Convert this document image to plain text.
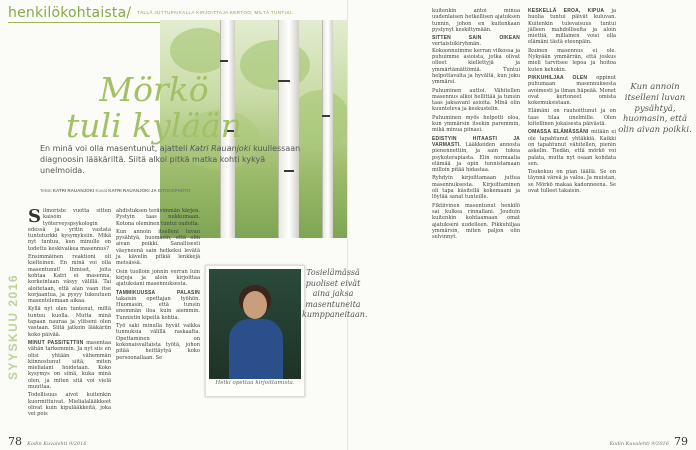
henkilökohtaista/ TÄLLÄ JUTTUPAIKALLA KIRJOITTAJA KERTOO, MILTÄ TUNTUU.
Mörkö
tuli kylään
En minä voi olla masentunut, ajatteli Katri Rauanjoki kuullessaan diagnoosin lääkäriltä. Siitä alkoi pitkä matka kohti kykyä unelmoida.
Teksti KATRI RAUANJOKI Kuvat KATRI RAUANJOKI JA ISTOCKPHOTO
SYYSKUU 2016

Silmoriste vuotta sitten kaisoin työterveyspsykologin edessä ja yritin vastata tuntuturkki kysymyksiin. Mikä nyt tuntuu, kun minulle on todettu keskivaikea masennus?

Ensimmäinen reaktioni oli kielteinen. En minä voi olla masentunut! Ihmiset, joita kohtaa Katri ei masenna, korkeintaan väsyy välillä. Tai aloitetaan, että alan vaan itse korjaantua, ja pysyy tukeutuen masentelemaan aikaa.

Kyllä nyt olen tuntenut, miltä tuntuu kuolla. Mutta minä tapaan nauraa ja ylitseni olen vastaan. Siitä jatkoin lääkäriin koko päivää.

MINUT PASSITETTIIN masentaa vähän tarkemmin. Ja nyt siis en olisi yhtään vähemmän kiinnostunut siitä, miten mielialani hoidetaan. Koko kysymys on siinä, kuka minä olen, ja miten sitä voi vielä muuttaa.

Todellisuus aivot kuitenkin kuormittuivat. Mielialalääkkeet olivat kuin kipulääkkeitä, joka vei pois

ahdistuksen terävimmän kärjen. Pystyin taas nukkumaan. Kotona oleminen tuntui oudolta.

Kun annoin itselleni luvan pysähtyä, huomasin, että olin aivan poikki. Sanallisesti väsyneenä sain hetkeksi levätä ja kävelin pitkiä lenkkejä metsässä.

Osin tuolloin jonnin verran luin kirjoja ja aloin kirjoittaa ajatuksiani masennuksesta.

TAMMIKUUSSA PALASIN takaisin opettajan työhön. Huomasin, että tunsin enemmän iloa kuin aiemmin. Tunnistin kipeitä kohtia.

Työ saki minulla hyvät vaikka tunnuksia välillä raskaalta. Opettaminen on kokonaisvaltaista työtä, johon pitää heittäytyä koko persoonallaan. Se

Hetki opettaa kirjoittamista.
78 Kodin Kuvalehti 9/2016

kuitenkin antoi minua uudenlaisen hetkellisen ajatuksen tunnin, johon en kuitenkaan pystynyt keskittymään.

SITTEN SAIN OIKEAN vertaistukiryhmän. Kokoonnuimme kerran viikossa ja puhuimme asioista, jotka olivat olleet kiellettyjä ja ymmärtämättömiä. Tuntui helpottavalta ja hyvältä, kun joku ymmärsi.

Puhuminen auttoi. Vähitellen masennus alkoi hellittää ja tunsin taas jaksavani asioita. Minä olin kuunteleva ja keskustelin.

Puhuminen myös helpotti oloa, kun ymmärsin itsekin paremmin, mikä minua piinasi.

EDISTYIN HITAASTI JA VARMASTI. Lääkkeiden annosta pienennettiin, ja sain tukea psykoterapiasta. Elin normaalia elämää ja opin tunnistamaan milloin pitää hidastaa.

Ryhdyin kirjoittamaan juttua masennuksesta. Kirjoittaminen oli tapa käsitellä kokemaani ja löytää sanat tunteille.

Fiktiivinen masentunut henkilö sai kulkea rinnallani. Jouduin kuitenkin kohtaamaan omat ajatukseni uudelleen. Pikkuhiljaa ymmärsin, miten paljon olin selvinnyt.

KESKELLÄ EROA, KIPUA ja huolia tuntui päivät kuluvan. Kuitenkin tulevaisuus tuntui jälleen mahdolliselta ja aloin miettiä, millainen voisi olla elämäni tästä eteenpäin.

Ikuinen masennus ei ole. Nykyään ymmärrän, että joskus mieli tarvitsee lepoa ja hoitoa kuten kehokin.

PIKKUHILJAA OLEN oppinut puhumaan masennuksesta avoimesti ja ilman häpeää. Monet ovat kertoneet omista kokemuksistaan.

Elämäni on rauhoittunut ja on taas tilaa unelmille. Olen kiitollinen jokaisesta päivästä.

OMASSA ELÄMÄSSÄNI mitään ei ole tapahtunut yhtäkkiä. Kaikki on tapahtunut vähitellen, pienin askelin. Tiedän, että mörkö voi palata, mutta nyt osaan kohdata sen.

Toukokuu on pian täällä. Se on täynnä väreä ja valoa. Ja muistan, se Mörkö makaa kadonneena. Se ovat tulleet takaisin.

Kodin Kuvalehti 9/2016 79
Tosielämässä puoliset eivät aina jaksa masentuneita kumppaneitaan.
Kun annoin itselleni luvan pysähtyä, huomasin, että olin aivan poikki.
